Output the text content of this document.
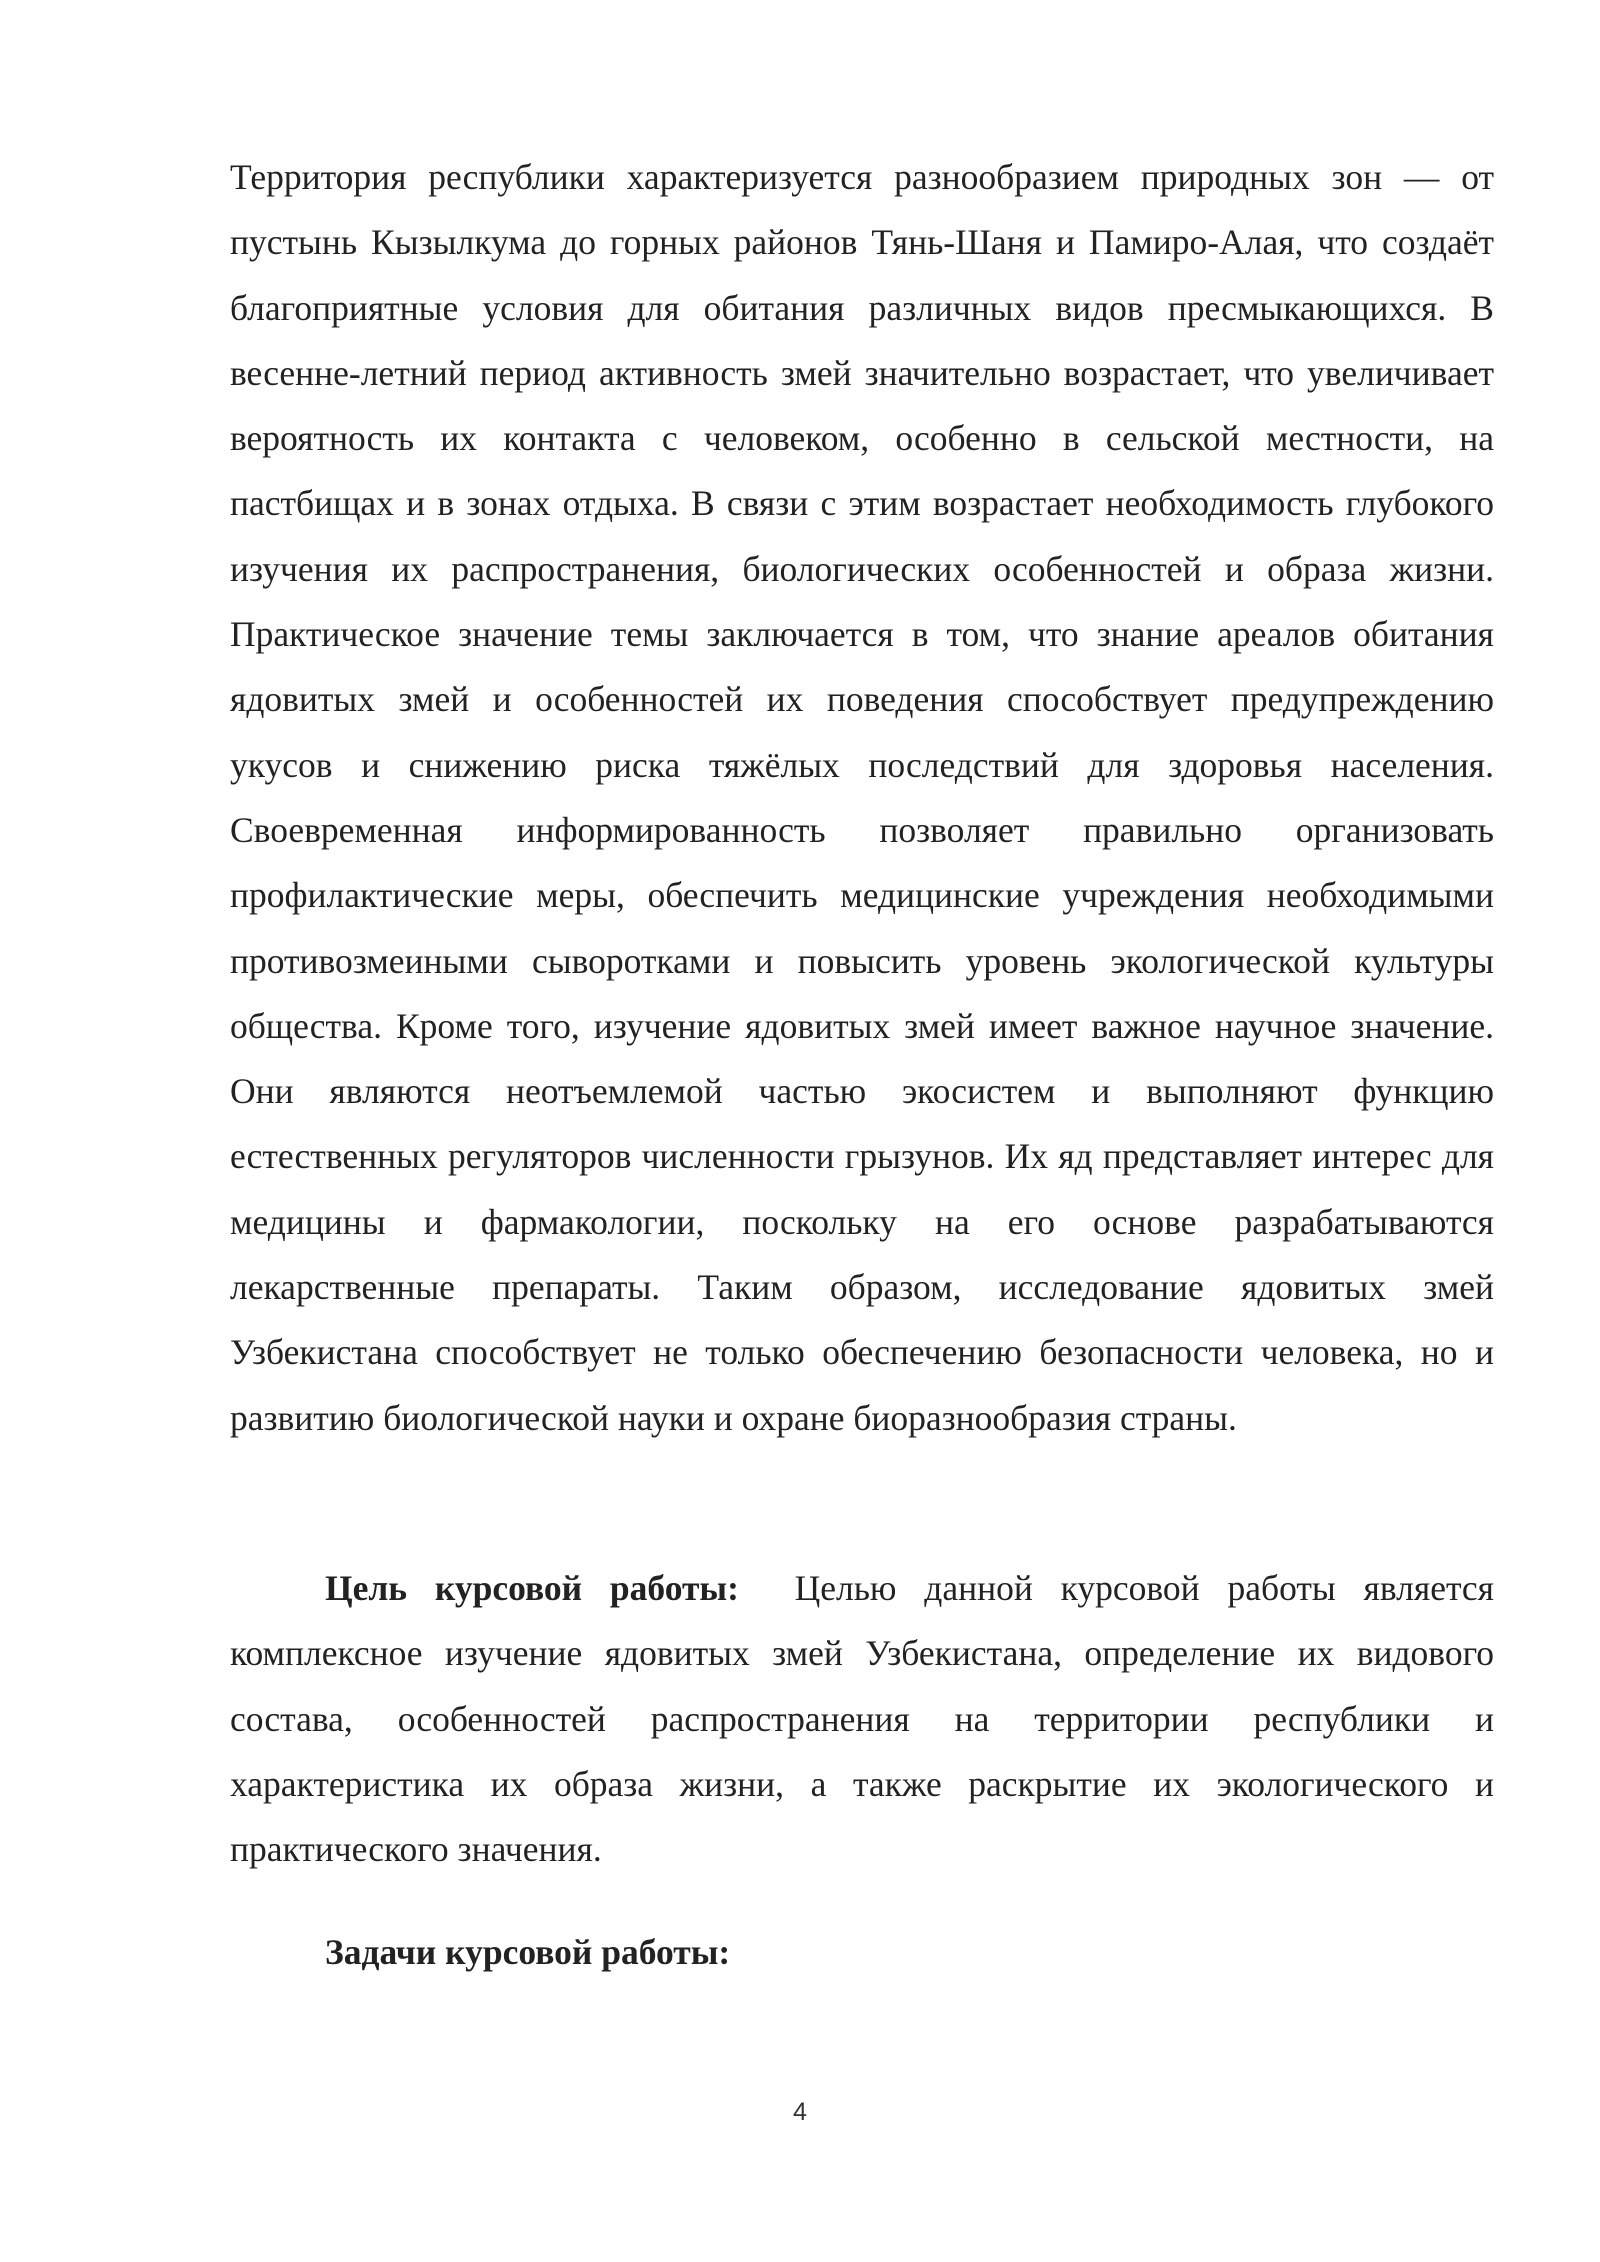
Территория республики характеризуется разнообразием природных зон — от пустынь Кызылкума до горных районов Тянь-Шаня и Памиро-Алая, что создаёт благоприятные условия для обитания различных видов пресмыкающихся. В весенне-летний период активность змей значительно возрастает, что увеличивает вероятность их контакта с человеком, особенно в сельской местности, на пастбищах и в зонах отдыха. В связи с этим возрастает необходимость глубокого изучения их распространения, биологических особенностей и образа жизни. Практическое значение темы заключается в том, что знание ареалов обитания ядовитых змей и особенностей их поведения способствует предупреждению укусов и снижению риска тяжёлых последствий для здоровья населения. Своевременная информированность позволяет правильно организовать профилактические меры, обеспечить медицинские учреждения необходимыми противозмеиными сыворотками и повысить уровень экологической культуры общества. Кроме того, изучение ядовитых змей имеет важное научное значение. Они являются неотъемлемой частью экосистем и выполняют функцию естественных регуляторов численности грызунов. Их яд представляет интерес для медицины и фармакологии, поскольку на его основе разрабатываются лекарственные препараты. Таким образом, исследование ядовитых змей Узбекистана способствует не только обеспечению безопасности человека, но и развитию биологической науки и охране биоразнообразия страны.

Цель курсовой работы: Целью данной курсовой работы является комплексное изучение ядовитых змей Узбекистана, определение их видового состава, особенностей распространения на территории республики и характеристика их образа жизни, а также раскрытие их экологического и практического значения.

Задачи курсовой работы:
4
